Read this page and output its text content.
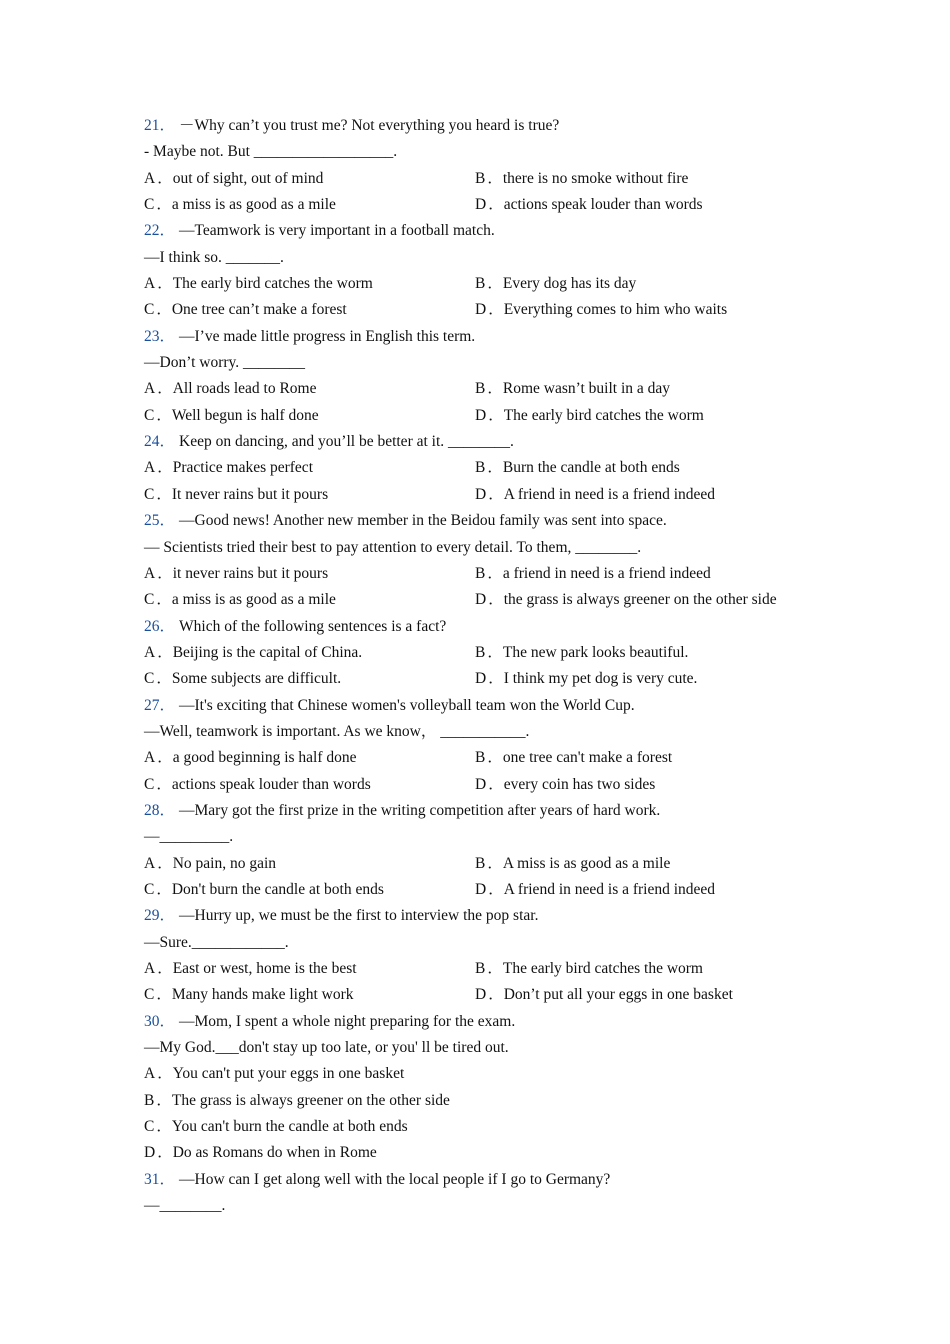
21． －Why can’t you trust me? Not everything you heard is true?
- Maybe not. But __________________.
A ．out of sight, out of mind	B ．there is no smoke without fire
C ．a miss is as good as a mile	D ．actions speak louder than words
22． —Teamwork is very important in a football match.
—I think so. _______.
A ．The early bird catches the worm	B ．Every dog has its day
C ．One tree can’t make a forest	D ．Everything comes to him who waits
23． —I’ve made little progress in English this term.
—Don’t worry. ________
A ．All roads lead to Rome	B ．Rome wasn’t built in a day
C ．Well begun is half done	D ．The early bird catches the worm
24． Keep on dancing, and you’ll be better at it. ________.
A ．Practice makes perfect	B ．Burn the candle at both ends
C ．It never rains but it pours	D ．A friend in need is a friend indeed
25． —Good news! Another new member in the Beidou family was sent into space.
— Scientists tried their best to pay attention to every detail. To them, ________.
A ．it never rains but it pours	B ．a friend in need is a friend indeed
C ．a miss is as good as a mile	D ．the grass is always greener on the other side
26． Which of the following sentences is a fact?
A ．Beijing is the capital of China.	B ．The new park looks beautiful.
C ．Some subjects are difficult.	D ．I think my pet dog is very cute.
27． —It's exciting that Chinese women's volleyball team won the World Cup.
—Well, teamwork is important. As we know， ___________.
A ．a good beginning is half done	B ．one tree can't make a forest
C ．actions speak louder than words	D ．every coin has two sides
28． —Mary got the first prize in the writing competition after years of hard work.
—_________.
A ．No pain, no gain	B ．A miss is as good as a mile
C ．Don't burn the candle at both ends	D ．A friend in need is a friend indeed
29． —Hurry up, we must be the first to interview the pop star.
—Sure.____________.
A ．East or west, home is the best	B ．The early bird catches the worm
C ．Many hands make light work	D ．Don’t put all your eggs in one basket
30． —Mom, I spent a whole night preparing for the exam.
—My God.___don't stay up too late, or you' ll be tired out.
A ．You can't put your eggs in one basket
B ．The grass is always greener on the other side
C ．You can't burn the candle at both ends
D ．Do as Romans do when in Rome
31． —How can I get along well with the local people if I go to Germany?
—________.
